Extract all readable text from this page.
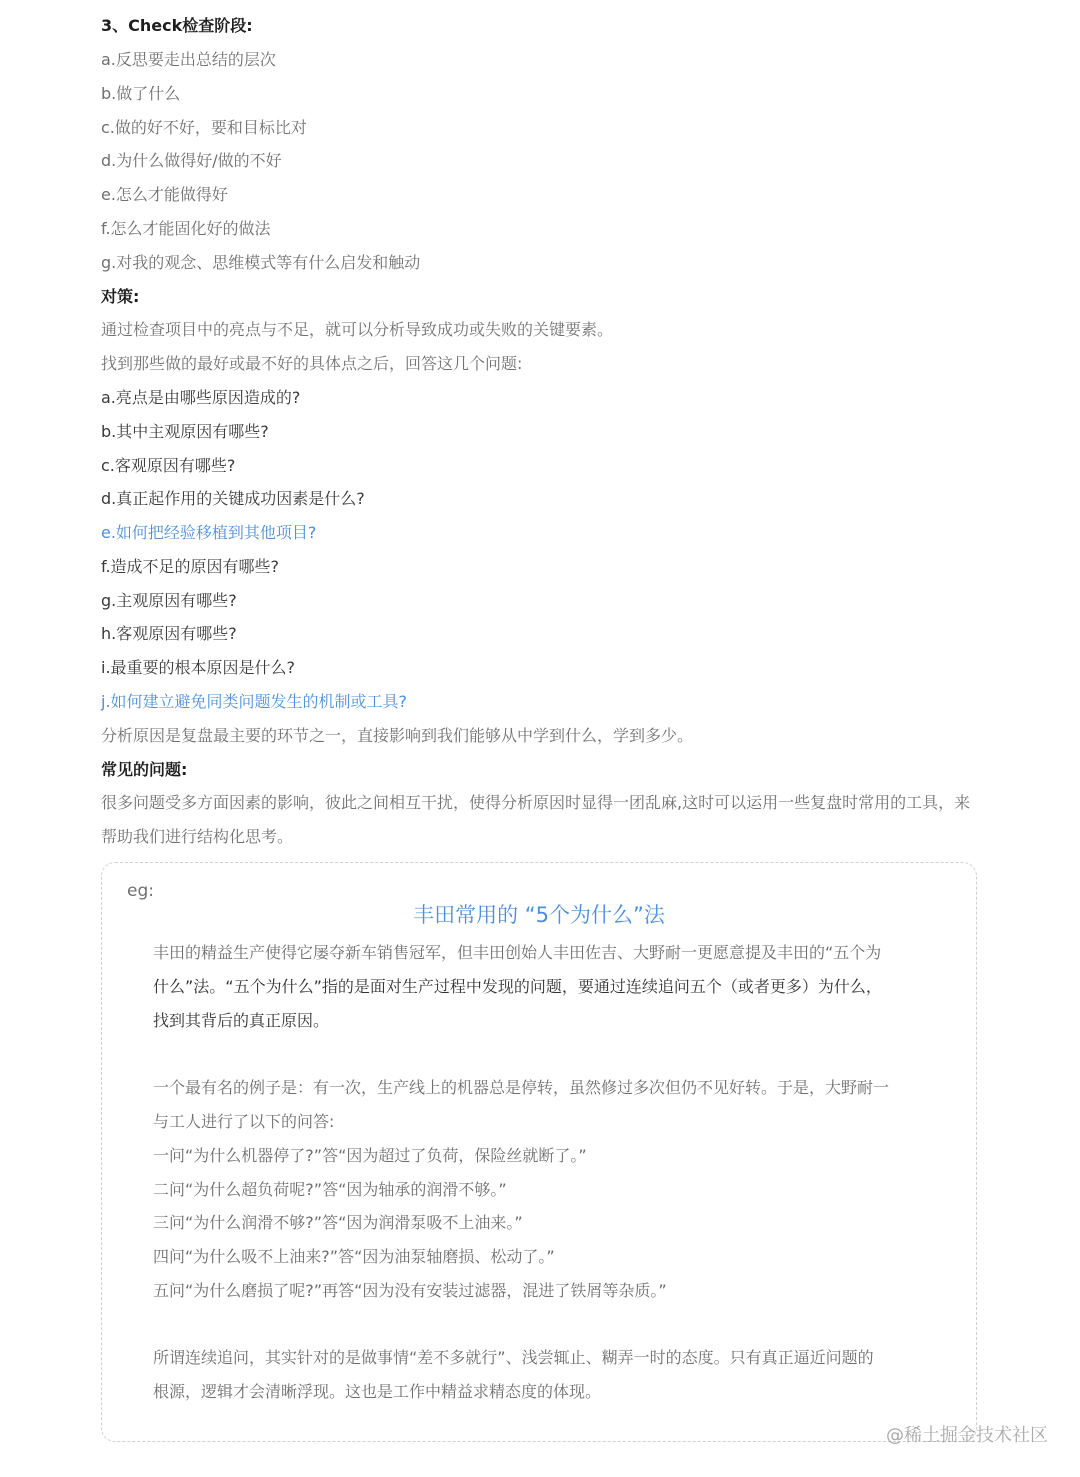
3、Check检查阶段:
a.反思要走出总结的层次
b.做了什么
c.做的好不好，要和目标比对
d.为什么做得好/做的不好
e.怎么才能做得好
f.怎么才能固化好的做法
g.对我的观念、思维模式等有什么启发和触动
对策:
通过检查项目中的亮点与不足，就可以分析导致成功或失败的关键要素。
找到那些做的最好或最不好的具体点之后，回答这几个问题:
a.亮点是由哪些原因造成的?
b.其中主观原因有哪些?
c.客观原因有哪些?
d.真正起作用的关键成功因素是什么?
e.如何把经验移植到其他项目?
f.造成不足的原因有哪些?
g.主观原因有哪些?
h.客观原因有哪些?
i.最重要的根本原因是什么?
j.如何建立避免同类问题发生的机制或工具?
分析原因是复盘最主要的环节之一，直接影响到我们能够从中学到什么，学到多少。
常见的问题:
很多问题受多方面因素的影响，彼此之间相互干扰，使得分析原因时显得一团乱麻,这时可以运用一些复盘时常用的工具，来帮助我们进行结构化思考。
eg:
丰田常用的 “5个为什么”法
丰田的精益生产使得它屡夺新车销售冠军，但丰田创始人丰田佐吉、大野耐一更愿意提及丰田的“五个为
什么”法。“五个为什么”指的是面对生产过程中发现的问题，要通过连续追问五个（或者更多）为什么，
找到其背后的真正原因。
一个最有名的例子是：有一次，生产线上的机器总是停转，虽然修过多次但仍不见好转。于是，大野耐一
与工人进行了以下的问答:
一问“为什么机器停了?”答“因为超过了负荷，保险丝就断了。”
二问“为什么超负荷呢?”答“因为轴承的润滑不够。”
三问“为什么润滑不够?”答“因为润滑泵吸不上油来。”
四问“为什么吸不上油来?”答“因为油泵轴磨损、松动了。”
五问“为什么磨损了呢?”再答“因为没有安装过滤器，混进了铁屑等杂质。”
所谓连续追问，其实针对的是做事情“差不多就行”、浅尝辄止、糊弄一时的态度。只有真正逼近问题的
根源，逻辑才会清晰浮现。这也是工作中精益求精态度的体现。
@稀土掘金技术社区
